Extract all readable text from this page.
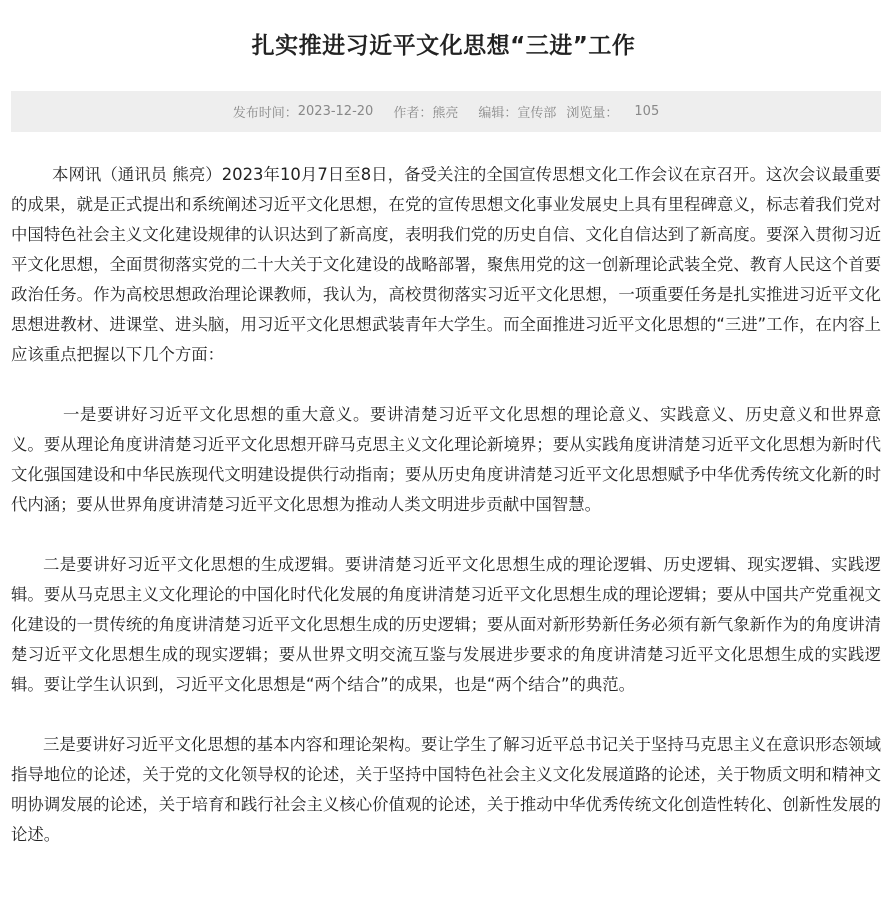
扎实推进习近平文化思想“三进”工作
发布时间： 2023-12-20 作者： 熊亮 编辑： 宣传部 浏览量： 105

本网讯（通讯员 熊亮）2023年10月7日至8日，备受关注的全国宣传思想文化工作会议在京召开。这次会议最重要的成果，就是正式提出和系统阐述习近平文化思想，在党的宣传思想文化事业发展史上具有里程碑意义，标志着我们党对中国特色社会主义文化建设规律的认识达到了新高度，表明我们党的历史自信、文化自信达到了新高度。要深入贯彻习近平文化思想，全面贯彻落实党的二十大关于文化建设的战略部署，聚焦用党的这一创新理论武装全党、教育人民这个首要政治任务。作为高校思想政治理论课教师，我认为，高校贯彻落实习近平文化思想，一项重要任务是扎实推进习近平文化思想进教材、进课堂、进头脑，用习近平文化思想武装青年大学生。而全面推进习近平文化思想的“三进”工作，在内容上应该重点把握以下几个方面：

一是要讲好习近平文化思想的重大意义。要讲清楚习近平文化思想的理论意义、实践意义、历史意义和世界意义。要从理论角度讲清楚习近平文化思想开辟马克思主义文化理论新境界；要从实践角度讲清楚习近平文化思想为新时代文化强国建设和中华民族现代文明建设提供行动指南；要从历史角度讲清楚习近平文化思想赋予中华优秀传统文化新的时代内涵；要从世界角度讲清楚习近平文化思想为推动人类文明进步贡献中国智慧。

二是要讲好习近平文化思想的生成逻辑。要讲清楚习近平文化思想生成的理论逻辑、历史逻辑、现实逻辑、实践逻辑。要从马克思主义文化理论的中国化时代化发展的角度讲清楚习近平文化思想生成的理论逻辑；要从中国共产党重视文化建设的一贯传统的角度讲清楚习近平文化思想生成的历史逻辑；要从面对新形势新任务必须有新气象新作为的角度讲清楚习近平文化思想生成的现实逻辑；要从世界文明交流互鉴与发展进步要求的角度讲清楚习近平文化思想生成的实践逻辑。要让学生认识到，习近平文化思想是“两个结合”的成果，也是“两个结合”的典范。

三是要讲好习近平文化思想的基本内容和理论架构。要让学生了解习近平总书记关于坚持马克思主义在意识形态领域指导地位的论述，关于党的文化领导权的论述，关于坚持中国特色社会主义文化发展道路的论述，关于物质文明和精神文明协调发展的论述，关于培育和践行社会主义核心价值观的论述，关于推动中华优秀传统文化创造性转化、创新性发展的论述。
